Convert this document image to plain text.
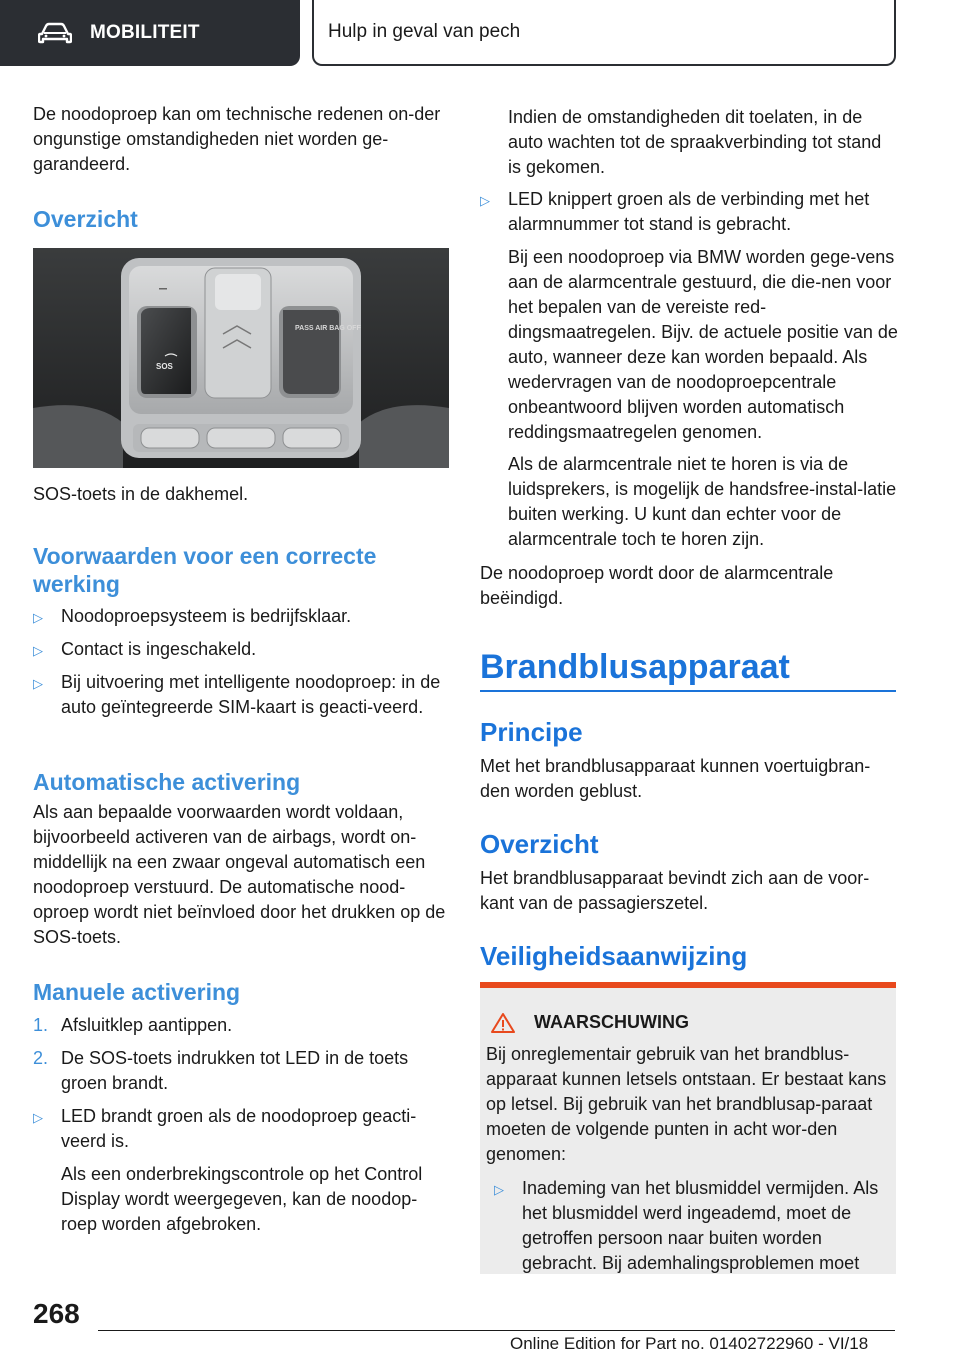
MOBILITEIT	Hulp in geval van pech

De noodoproep kan om technische redenen on-der ongunstige omstandigheden niet worden ge-garandeerd.

Overzicht
SOS
PASS AIR BAG OFF

SOS-toets in de dakhemel.

Voorwaarden voor een correcte werking
▷	Noodoproepsysteem is bedrijfsklaar.
▷	Contact is ingeschakeld.
▷	Bij uitvoering met intelligente noodoproep: in de auto geïntegreerde SIM-kaart is geacti-veerd.
Automatische activering

Als aan bepaalde voorwaarden wordt voldaan, bijvoorbeeld activeren van de airbags, wordt on-middellijk na een zwaar ongeval automatisch een noodoproep verstuurd. De automatische nood-oproep wordt niet beïnvloed door het drukken op de SOS-toets.

Manuele activering
1. Afsluitklep aantippen.
2. De SOS-toets indrukken tot LED in de toets groen brandt.
▷	LED brandt groen als de noodoproep geacti-veerd is.

Als een onderbrekingscontrole op het Control Display wordt weergegeven, kan de noodop-roep worden afgebroken.

Indien de omstandigheden dit toelaten, in de auto wachten tot de spraakverbinding tot stand is gekomen.

▷	LED knippert groen als de verbinding met het alarmnummer tot stand is gebracht.

Bij een noodoproep via BMW worden gege-vens aan de alarmcentrale gestuurd, die die-nen voor het bepalen van de vereiste red-dingsmaatregelen. Bijv. de actuele positie van de auto, wanneer deze kan worden bepaald. Als wedervragen van de noodoproepcentrale onbeantwoord blijven worden automatisch reddingsmaatregelen genomen.

Als de alarmcentrale niet te horen is via de luidsprekers, is mogelijk de handsfree-instal-latie buiten werking. U kunt dan echter voor de alarmcentrale toch te horen zijn.

De noodoproep wordt door de alarmcentrale beëindigd.

Brandblusapparaat
Principe

Met het brandblusapparaat kunnen voertuigbran-den worden geblust.

Overzicht

Het brandblusapparaat bevindt zich aan de voor-kant van de passagierszetel.

Veiligheidsaanwijzing
WAARSCHUWING

Bij onreglementair gebruik van het brandblus-apparaat kunnen letsels ontstaan. Er bestaat kans op letsel. Bij gebruik van het brandblusap-paraat moeten de volgende punten in acht wor-den genomen:

▷	Inademing van het blusmiddel vermijden. Als het blusmiddel werd ingeademd, moet de getroffen persoon naar buiten worden gebracht. Bij ademhalingsproblemen moet
268
Online Edition for Part no. 01402722960 - VI/18
